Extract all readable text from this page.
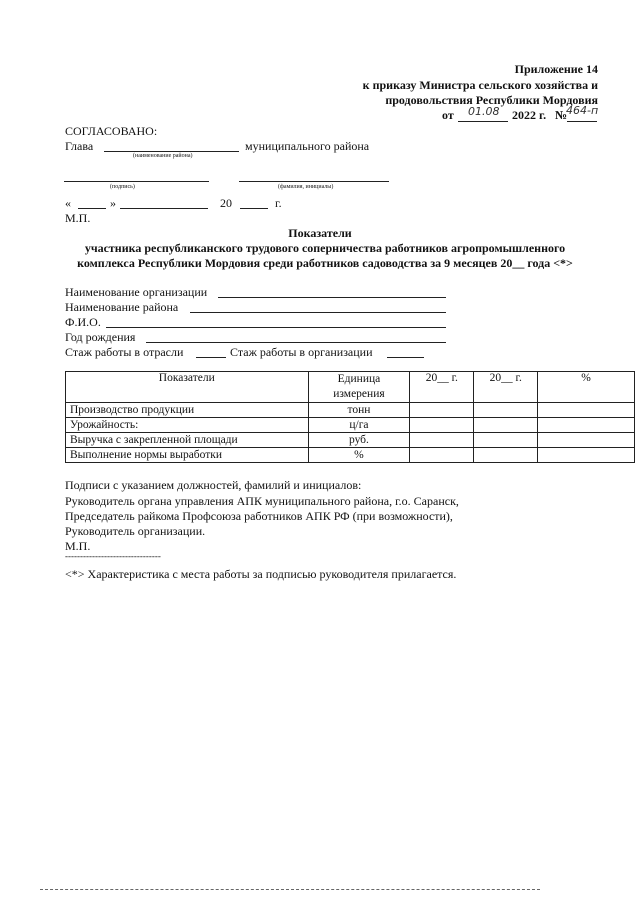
Приложение 14
к приказу Министра сельского хозяйства и
продовольствия Республики Мордовия
от 01.08 2022 г. №
464-п
СОГЛАСОВАНО:
Глава	муниципального района
(наименование района)
(подпись)	(фамилия, инициалы)
«	»	20	г.
М.П.
Показатели
участника республиканского трудового соперничества работников агропромышленного
комплекса Республики Мордовия среди работников садоводства за 9 месяцев 20__ года <*>
Наименование организации
Наименование района
Ф.И.О.
Год рождения
Стаж работы в отрасли	Стаж работы в организации
Показатели	Единица измерения	20__ г.	20__ г.	%
Производство продукции	тонн			
Урожайность:	ц/га			
Выручка с закрепленной площади	руб.			
Выполнение нормы выработки	%			
Подписи с указанием должностей, фамилий и инициалов:
Руководитель органа управления АПК муниципального района, г.о. Саранск,
Председатель райкома Профсоюза работников АПК РФ (при возможности),
Руководитель организации.
М.П.
--------------------------------
<*> Характеристика с места работы за подписью руководителя прилагается.
